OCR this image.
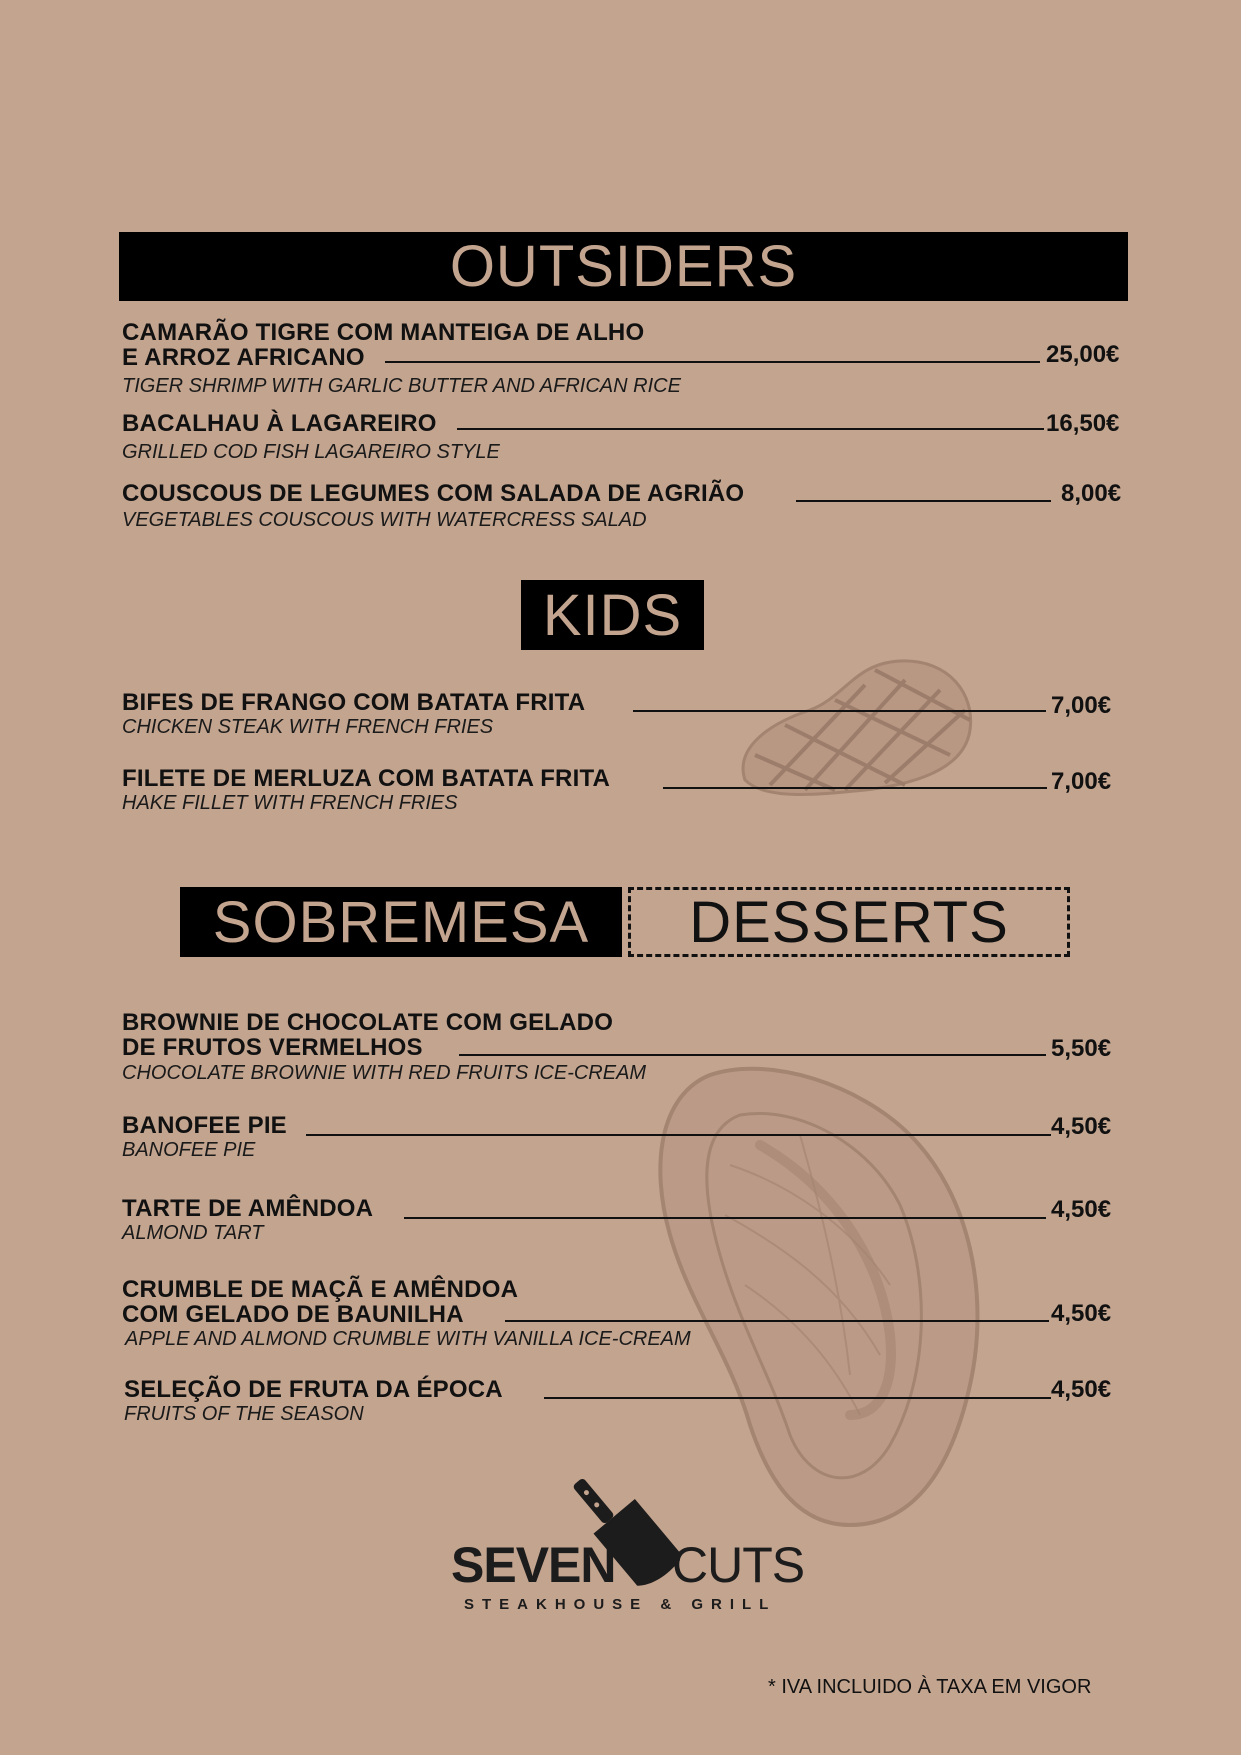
OUTSIDERS
CAMARÃO TIGRE COM MANTEIGA DE ALHO
E ARROZ AFRICANO
TIGER SHRIMP WITH GARLIC BUTTER AND AFRICAN RICE
25,00€
BACALHAU À LAGAREIRO
GRILLED COD FISH LAGAREIRO STYLE
16,50€
COUSCOUS DE LEGUMES COM SALADA DE AGRIÃO
VEGETABLES COUSCOUS WITH WATERCRESS SALAD
8,00€
KIDS
BIFES DE FRANGO COM BATATA FRITA
CHICKEN STEAK WITH FRENCH FRIES
7,00€
FILETE DE MERLUZA COM BATATA FRITA
HAKE FILLET WITH FRENCH FRIES
7,00€
SOBREMESA DESSERTS
BROWNIE DE CHOCOLATE COM GELADO
DE FRUTOS VERMELHOS
CHOCOLATE BROWNIE WITH RED FRUITS ICE-CREAM
5,50€
BANOFEE PIE
BANOFEE PIE
4,50€
TARTE DE AMÊNDOA
ALMOND TART
4,50€
CRUMBLE DE MAÇÃ E AMÊNDOA
COM GELADO DE BAUNILHA
APPLE AND ALMOND CRUMBLE WITH VANILLA ICE-CREAM
4,50€
SELEÇÃO DE FRUTA DA ÉPOCA
FRUITS OF THE SEASON
4,50€
SEVEN CUTS
STEAKHOUSE & GRILL
* IVA INCLUIDO À TAXA EM VIGOR
